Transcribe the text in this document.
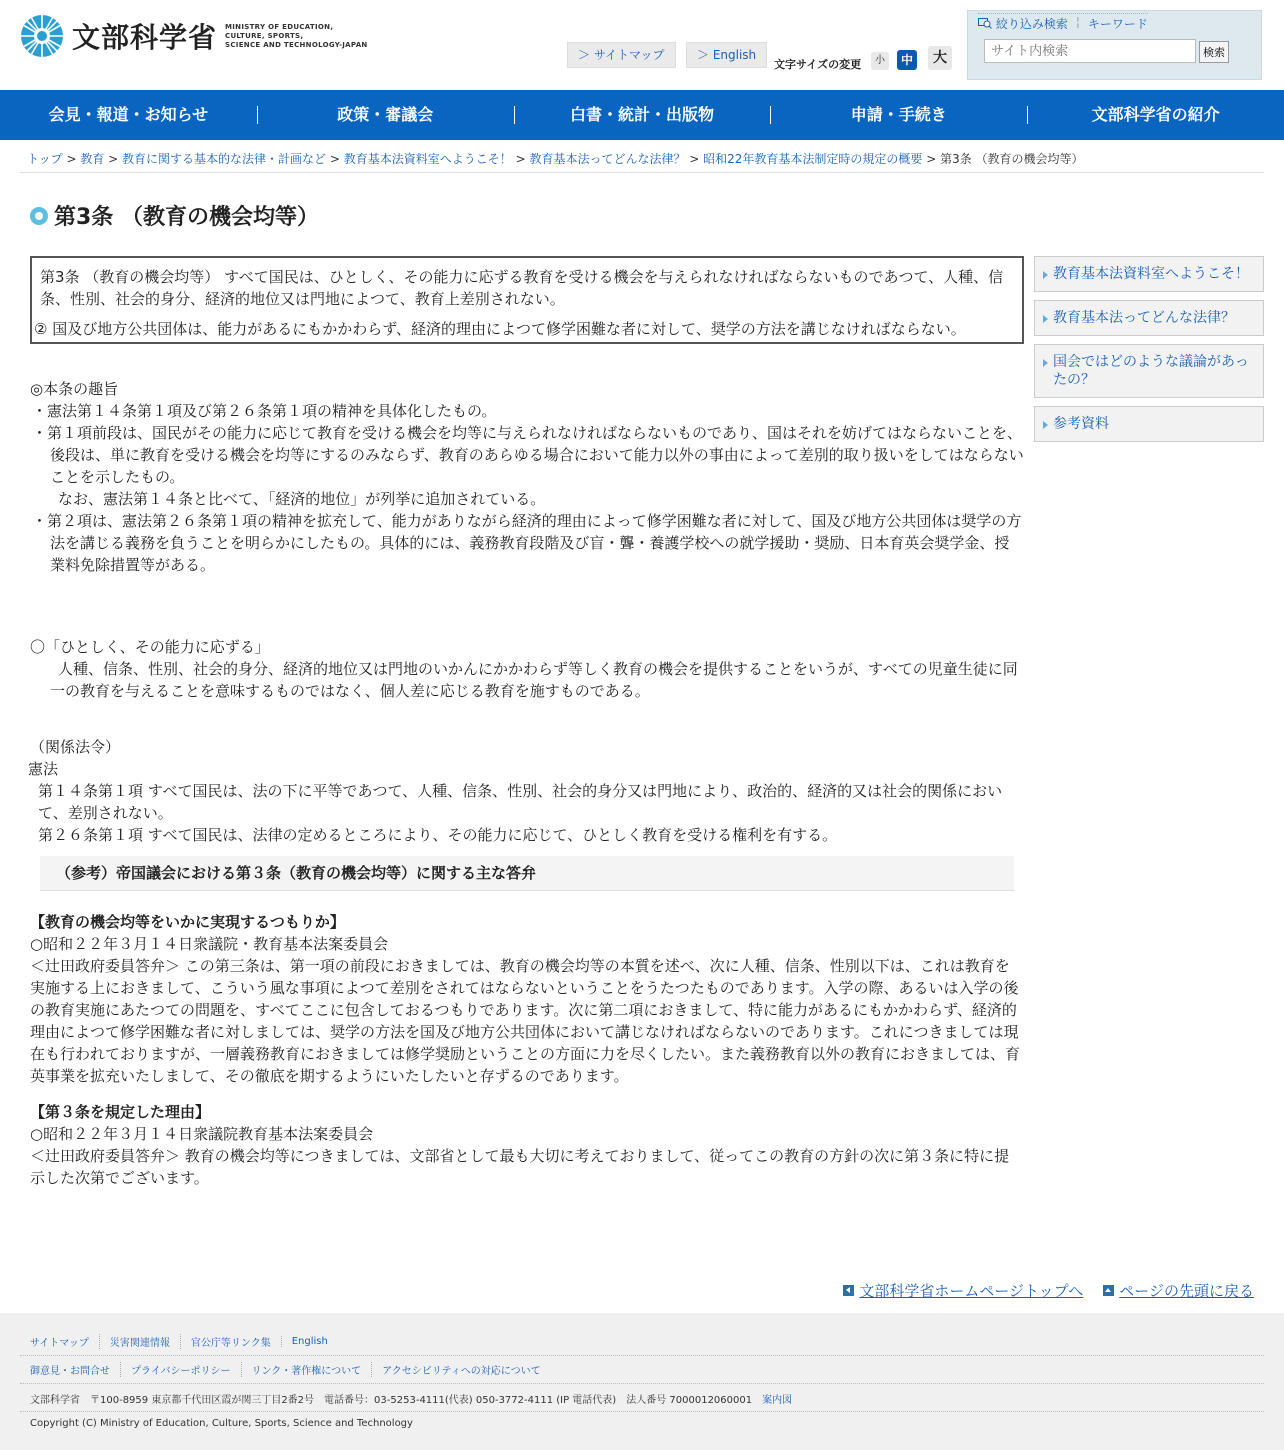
文部科学省 MINISTRY OF EDUCATION,
CULTURE, SPORTS,
SCIENCE AND TECHNOLOGY-JAPAN
＞ サイトマップ	＞ English
文字サイズの変更	小	中	大
絞り込み検索 ¦ キーワード
サイト内検索
検索
会見・報道・お知らせ	政策・審議会	白書・統計・出版物	申請・手続き	文部科学省の紹介
トップ > 教育 > 教育に関する基本的な法律・計画など > 教育基本法資料室へようこそ！ > 教育基本法ってどんな法律？ > 昭和22年教育基本法制定時の規定の概要 > 第3条 （教育の機会均等）
第3条 （教育の機会均等）

第3条 （教育の機会均等） すべて国民は、ひとしく、その能力に応ずる教育を受ける機会を与えられなければならないものであつて、人種、信条、性別、社会的身分、経済的地位又は門地によつて、教育上差別されない。

② 国及び地方公共団体は、能力があるにもかかわらず、経済的理由によつて修学困難な者に対して、奨学の方法を講じなければならない。

◎本条の趣旨
・憲法第１４条第１項及び第２６条第１項の精神を具体化したもの。
・第１項前段は、国民がその能力に応じて教育を受ける機会を均等に与えられなければならないものであり、国はそれを妨げてはならないことを、後段は、単に教育を受ける機会を均等にするのみならず、教育のあらゆる場合において能力以外の事由によって差別的取り扱いをしてはならないことを示したもの。
なお、憲法第１４条と比べて、「経済的地位」が列挙に追加されている。
・第２項は、憲法第２６条第１項の精神を拡充して、能力がありながら経済的理由によって修学困難な者に対して、国及び地方公共団体は奨学の方法を講じる義務を負うことを明らかにしたもの。具体的には、義務教育段階及び盲・聾・養護学校への就学援助・奨励、日本育英会奨学金、授業料免除措置等がある。
〇「ひとしく、その能力に応ずる」
人種、信条、性別、社会的身分、経済的地位又は門地のいかんにかかわらず等しく教育の機会を提供することをいうが、すべての児童生徒に同一の教育を与えることを意味するものではなく、個人差に応じる教育を施すものである。
（関係法令）
憲法
第１４条第１項 すべて国民は、法の下に平等であつて、人種、信条、性別、社会的身分又は門地により、政治的、経済的又は社会的関係において、差別されない。
第２６条第１項 すべて国民は、法律の定めるところにより、その能力に応じて、ひとしく教育を受ける権利を有する。
（参考）帝国議会における第３条（教育の機会均等）に関する主な答弁
【教育の機会均等をいかに実現するつもりか】
○昭和２２年３月１４日衆議院・教育基本法案委員会
＜辻田政府委員答弁＞ この第三条は、第一項の前段におきましては、教育の機会均等の本質を述べ、次に人種、信条、性別以下は、これは教育を実施する上におきまして、こういう風な事項によつて差別をされてはならないということをうたつたものであります。入学の際、あるいは入学の後の教育実施にあたつての問題を、すべてここに包含しておるつもりであります。次に第二項におきまして、特に能力があるにもかかわらず、経済的理由によつて修学困難な者に対しましては、奨学の方法を国及び地方公共団体において講じなければならないのであります。これにつきましては現在も行われておりますが、一層義務教育におきましては修学奨励ということの方面に力を尽くしたい。また義務教育以外の教育におきましては、育英事業を拡充いたしまして、その徹底を期するようにいたしたいと存ずるのであります。
【第３条を規定した理由】
○昭和２２年３月１４日衆議院教育基本法案委員会
＜辻田政府委員答弁＞ 教育の機会均等につきましては、文部省として最も大切に考えておりまして、従ってこの教育の方針の次に第３条に特に提示した次第でございます。
教育基本法資料室へようこそ！
教育基本法ってどんな法律？
国会ではどのような議論があったの？
参考資料
文部科学省ホームページトップへ ページの先頭に戻る
サイトマップ	災害関連情報	官公庁等リンク集	English
御意見・お問合せ	プライバシーポリシー	リンク・著作権について	アクセシビリティへの対応について
文部科学省　〒100-8959 東京都千代田区霞が関三丁目2番2号　電話番号：03-5253-4111(代表) 050-3772-4111 (IP 電話代表)　法人番号 7000012060001	案内図
Copyright (C) Ministry of Education, Culture, Sports, Science and Technology
